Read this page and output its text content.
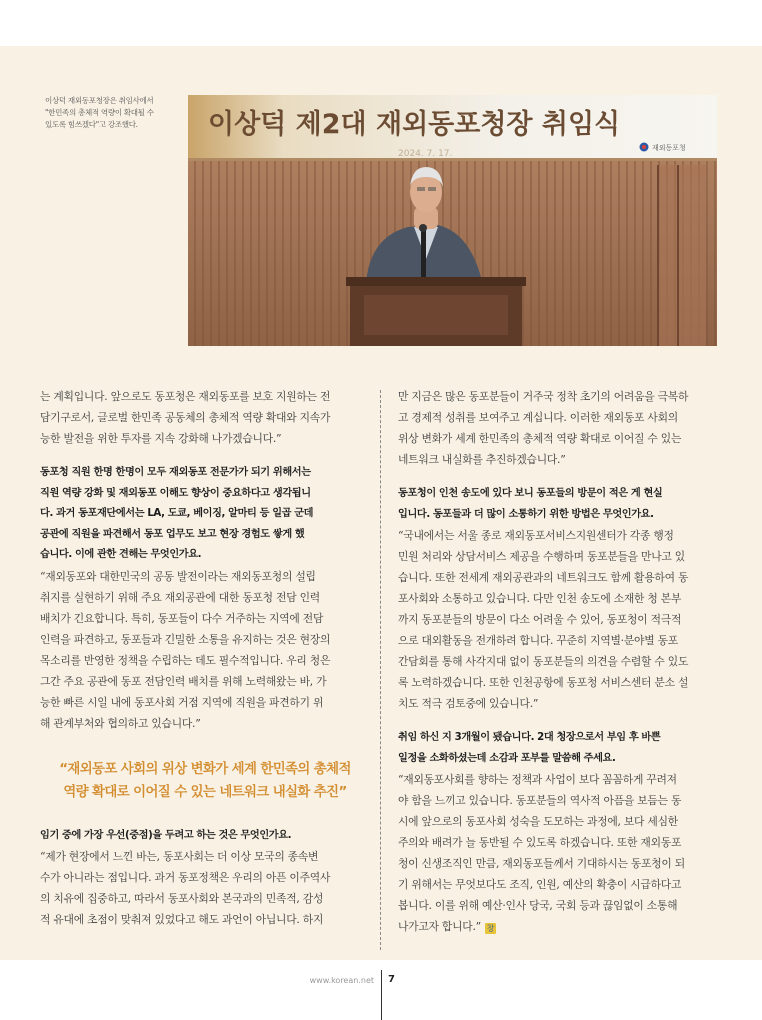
이상덕 재외동포청장은 취임사에서
"한민족의 총체적 역량이 확대될 수
있도록 힘쓰겠다"고 강조했다.	이상덕 제2대 재외동포청장 취임식
2024. 7. 17.
재외동포청
는 계획입니다. 앞으로도 동포청은 재외동포를 보호 지원하는 전
담기구로서, 글로벌 한민족 공동체의 총체적 역량 확대와 지속가
능한 발전을 위한 투자를 지속 강화해 나가겠습니다.”
동포청 직원 한명 한명이 모두 재외동포 전문가가 되기 위해서는
직원 역량 강화 및 재외동포 이해도 향상이 중요하다고 생각됩니
다. 과거 동포재단에서는 LA, 도쿄, 베이징, 알마티 등 일곱 군데
공관에 직원을 파견해서 동포 업무도 보고 현장 경험도 쌓게 했
습니다. 이에 관한 견해는 무엇인가요.
“재외동포와 대한민국의 공동 발전이라는 재외동포청의 설립
취지를 실현하기 위해 주요 재외공관에 대한 동포청 전담 인력
배치가 긴요합니다. 특히, 동포들이 다수 거주하는 지역에 전담
인력을 파견하고, 동포들과 긴밀한 소통을 유지하는 것은 현장의
목소리를 반영한 정책을 수립하는 데도 필수적입니다. 우리 청은
그간 주요 공관에 동포 전담인력 배치를 위해 노력해왔는 바, 가
능한 빠른 시일 내에 동포사회 거점 지역에 직원을 파견하기 위
해 관계부처와 협의하고 있습니다.”
“재외동포 사회의 위상 변화가 세계 한민족의 총체적
역량 확대로 이어질 수 있는 네트워크 내실화 추진”
임기 중에 가장 우선(중점)을 두려고 하는 것은 무엇인가요.
“제가 현장에서 느낀 바는, 동포사회는 더 이상 모국의 종속변
수가 아니라는 점입니다. 과거 동포정책은 우리의 아픈 이주역사
의 치유에 집중하고, 따라서 동포사회와 본국과의 민족적, 감성
적 유대에 초점이 맞춰져 있었다고 해도 과언이 아닙니다. 하지
만 지금은 많은 동포분들이 거주국 정착 초기의 어려움을 극복하
고 경제적 성취를 보여주고 계십니다. 이러한 재외동포 사회의
위상 변화가 세계 한민족의 총체적 역량 확대로 이어질 수 있는
네트워크 내실화를 추진하겠습니다.”
동포청이 인천 송도에 있다 보니 동포들의 방문이 적은 게 현실
입니다. 동포들과 더 많이 소통하기 위한 방법은 무엇인가요.
“국내에서는 서울 종로 재외동포서비스지원센터가 각종 행정
민원 처리와 상담서비스 제공을 수행하며 동포분들을 만나고 있
습니다. 또한 전세계 재외공관과의 네트워크도 함께 활용하여 동
포사회와 소통하고 있습니다. 다만 인천 송도에 소재한 청 본부
까지 동포분들의 방문이 다소 어려울 수 있어, 동포청이 적극적
으로 대외활동을 전개하려 합니다. 꾸준히 지역별·분야별 동포
간담회를 통해 사각지대 없이 동포분들의 의견을 수렴할 수 있도
록 노력하겠습니다. 또한 인천공항에 동포청 서비스센터 분소 설
치도 적극 검토중에 있습니다.”
취임 하신 지 3개월이 됐습니다. 2대 청장으로서 부임 후 바쁜
일정을 소화하셨는데 소감과 포부를 말씀해 주세요.
“재외동포사회를 향하는 정책과 사업이 보다 꼼꼼하게 꾸려져
야 함을 느끼고 있습니다. 동포분들의 역사적 아픔을 보듬는 동
시에 앞으로의 동포사회 성숙을 도모하는 과정에, 보다 세심한
주의와 배려가 늘 동반될 수 있도록 하겠습니다. 또한 재외동포
청이 신생조직인 만큼, 재외동포들께서 기대하시는 동포청이 되
기 위해서는 무엇보다도 조직, 인원, 예산의 확충이 시급하다고
봅니다. 이를 위해 예산·인사 당국, 국회 등과 끊임없이 소통해
나가고자 합니다.” 창
www.korean.net 7
